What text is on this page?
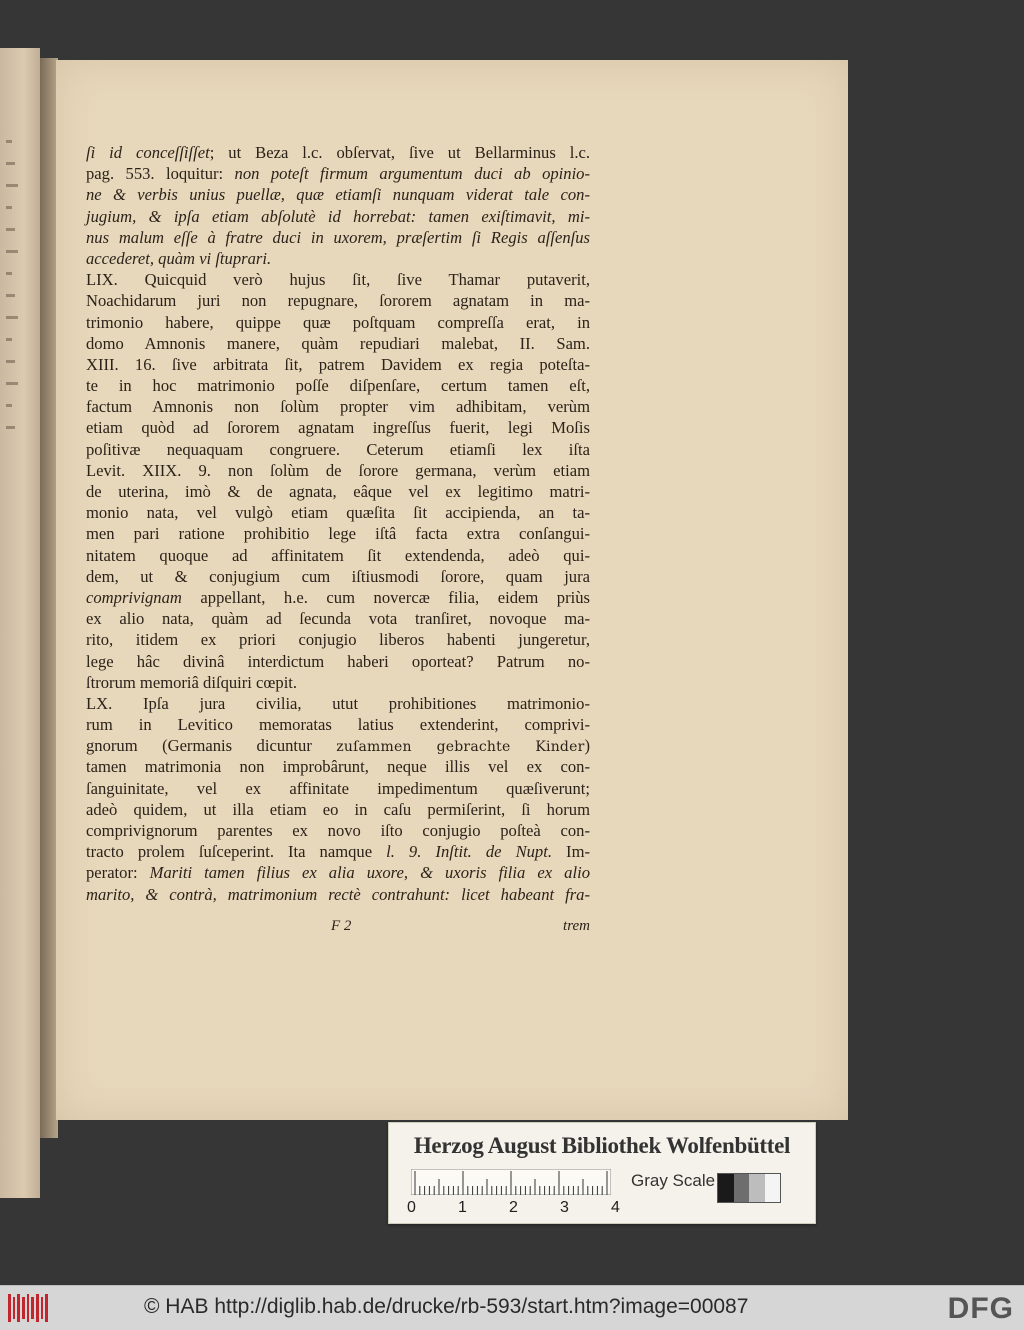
ſi id conceſſiſſet; ut Beza l.c. obſervat, ſive ut Bellarminus l.c.
pag. 553. loquitur: non poteſt firmum argumentum duci ab opinio-
ne & verbis unius puellæ, quæ etiamſi nunquam viderat tale con-
jugium, & ipſa etiam abſolutè id horrebat: tamen exiſtimavit, mi-
nus malum eſſe à fratre duci in uxorem, præſertim ſi Regis aſſenſus
accederet, quàm vi ſtuprari.
LIX. Quicquid verò hujus ſit, ſive Thamar putaverit,
Noachidarum juri non repugnare, ſororem agnatam in ma-
trimonio habere, quippe quæ poſtquam compreſſa erat, in
domo Amnonis manere, quàm repudiari malebat, II. Sam.
XIII. 16. ſive arbitrata ſit, patrem Davidem ex regia poteſta-
te in hoc matrimonio poſſe diſpenſare, certum tamen eſt,
factum Amnonis non ſolùm propter vim adhibitam, verùm
etiam quòd ad ſororem agnatam ingreſſus fuerit, legi Moſis
poſitivæ nequaquam congruere. Ceterum etiamſi lex iſta
Levit. XIIX. 9. non ſolùm de ſorore germana, verùm etiam
de uterina, imò & de agnata, eâque vel ex legitimo matri-
monio nata, vel vulgò etiam quæſita ſit accipienda, an ta-
men pari ratione prohibitio lege iſtâ facta extra conſangui-
nitatem quoque ad affinitatem ſit extendenda, adeò qui-
dem, ut & conjugium cum iſtiusmodi ſorore, quam jura
comprivignam appellant, h.e. cum novercæ filia, eidem priùs
ex alio nata, quàm ad ſecunda vota tranſiret, novoque ma-
rito, itidem ex priori conjugio liberos habenti jungeretur,
lege hâc divinâ interdictum haberi oporteat? Patrum no-
ſtrorum memoriâ diſquiri cœpit.
LX. Ipſa jura civilia, utut prohibitiones matrimonio-
rum in Levitico memoratas latius extenderint, comprivi-
gnorum (Germanis dicuntur zuſammen gebrachte Kinder)
tamen matrimonia non improbârunt, neque illis vel ex con-
ſanguinitate, vel ex affinitate impedimentum quæſiverunt;
adeò quidem, ut illa etiam eo in caſu permiſerint, ſi horum
comprivignorum parentes ex novo iſto conjugio poſteà con-
tracto prolem ſuſceperint. Ita namque l. 9. Inſtit. de Nupt. Im-
perator: Mariti tamen filius ex alia uxore, & uxoris filia ex alio
marito, & contrà, matrimonium rectè contrahunt: licet habeant fra-
F 2	trem
Herzog August Bibliothek Wolfenbüttel
0	1	2	3	4
Gray Scale
© HAB http://diglib.hab.de/drucke/rb-593/start.htm?image=00087	DFG
